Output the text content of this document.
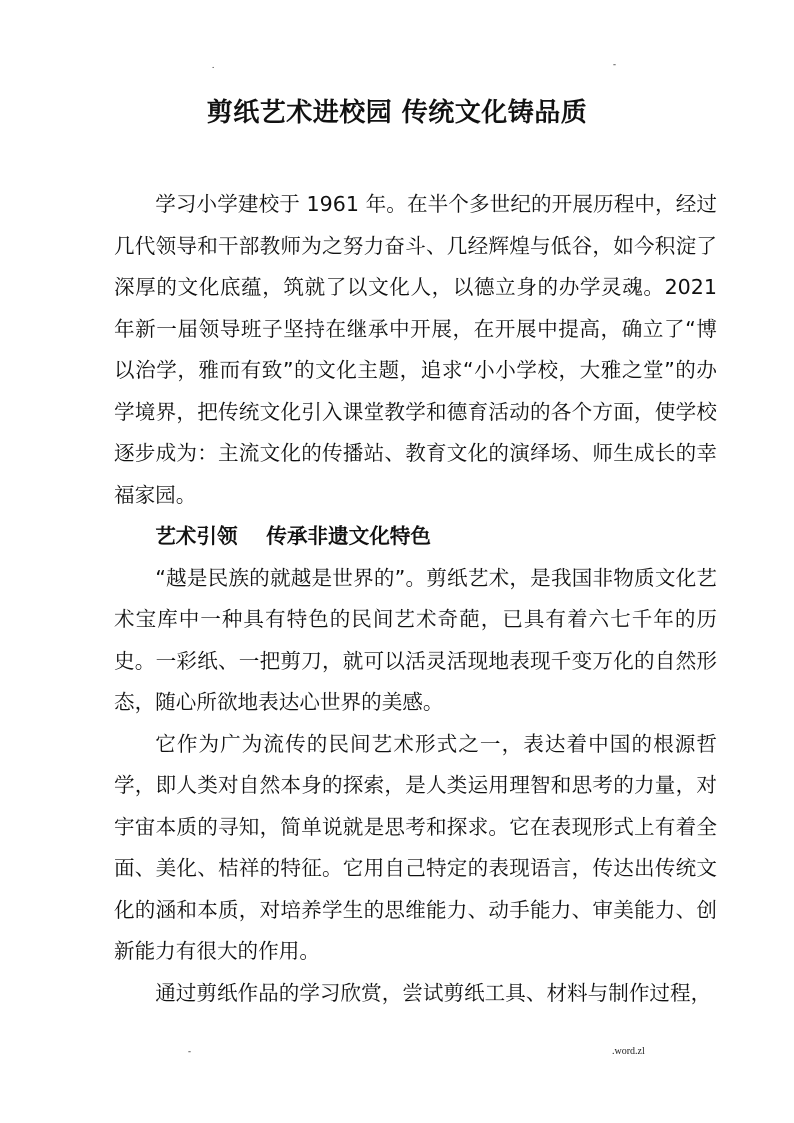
.	-
剪纸艺术进校园 传统文化铸品质

学习小学建校于 1961 年。在半个多世纪的开展历程中，经过几代领导和干部教师为之努力奋斗、几经辉煌与低谷，如今积淀了深厚的文化底蕴，筑就了以文化人，以德立身的办学灵魂。2021 年新一届领导班子坚持在继承中开展，在开展中提高，确立了“博以治学，雅而有致”的文化主题，追求“小小学校，大雅之堂”的办学境界，把传统文化引入课堂教学和德育活动的各个方面，使学校逐步成为：主流文化的传播站、教育文化的演绎场、师生成长的幸福家园。

艺术引领    传承非遗文化特色

“越是民族的就越是世界的”。剪纸艺术，是我国非物质文化艺术宝库中一种具有特色的民间艺术奇葩，已具有着六七千年的历史。一彩纸、一把剪刀，就可以活灵活现地表现千变万化的自然形态，随心所欲地表达心世界的美感。

它作为广为流传的民间艺术形式之一，表达着中国的根源哲学，即人类对自然本身的探索，是人类运用理智和思考的力量，对宇宙本质的寻知，简单说就是思考和探求。它在表现形式上有着全面、美化、桔祥的特征。它用自己特定的表现语言，传达出传统文化的涵和本质，对培养学生的思维能力、动手能力、审美能力、创新能力有很大的作用。

通过剪纸作品的学习欣赏，尝试剪纸工具、材料与制作过程，

-	.word.zl
